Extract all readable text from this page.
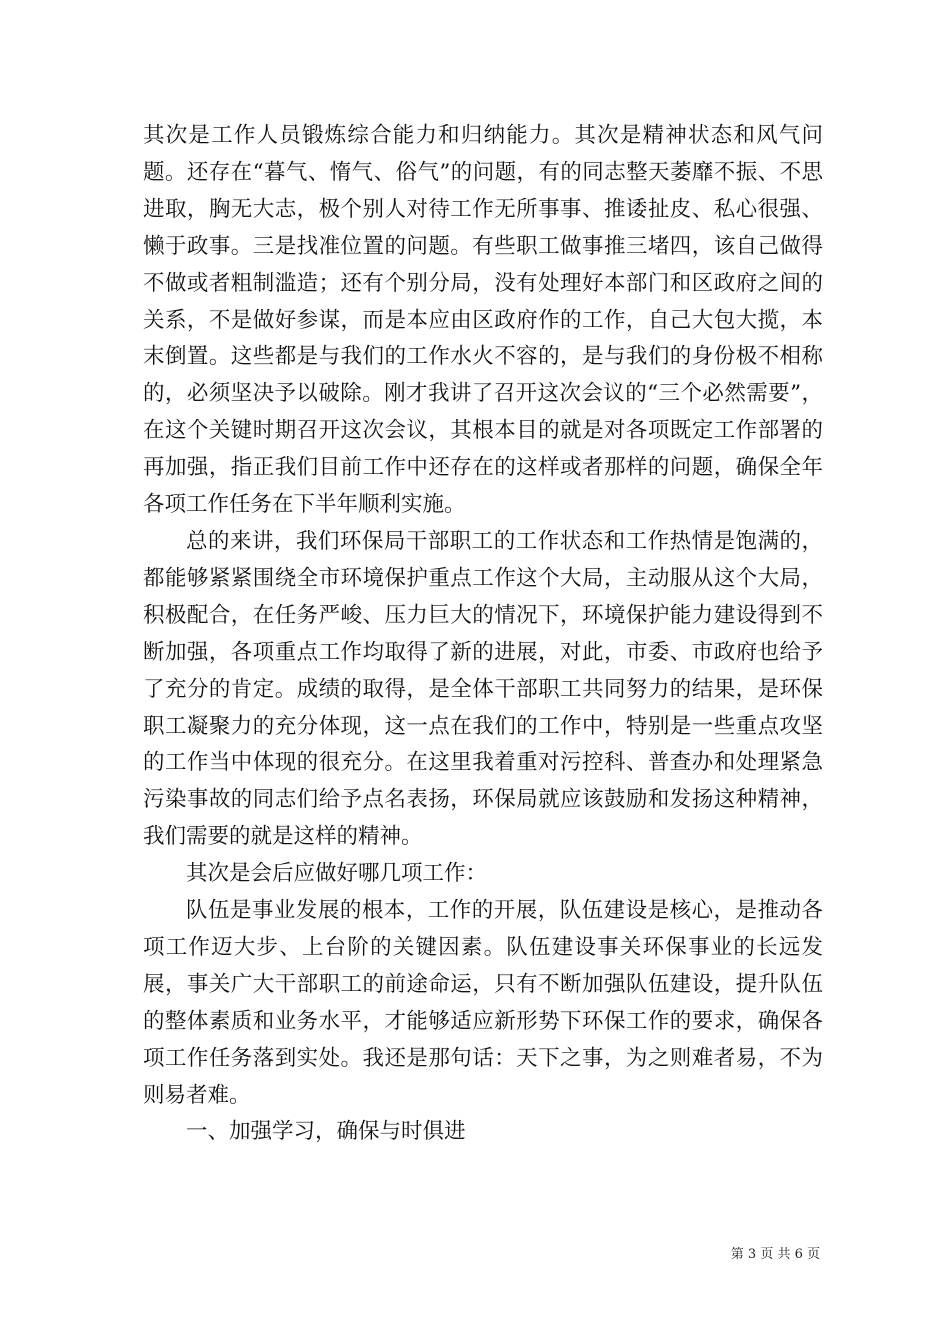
其次是工作人员锻炼综合能力和归纳能力。其次是精神状态和风气问题。还存在“暮气、惰气、俗气”的问题，有的同志整天萎靡不振、不思进取，胸无大志，极个别人对待工作无所事事、推诿扯皮、私心很强、懒于政事。三是找准位置的问题。有些职工做事推三堵四，该自己做得不做或者粗制滥造；还有个别分局，没有处理好本部门和区政府之间的关系，不是做好参谋，而是本应由区政府作的工作，自己大包大揽，本末倒置。这些都是与我们的工作水火不容的，是与我们的身份极不相称的，必须坚决予以破除。刚才我讲了召开这次会议的“三个必然需要”，在这个关键时期召开这次会议，其根本目的就是对各项既定工作部署的再加强，指正我们目前工作中还存在的这样或者那样的问题，确保全年各项工作任务在下半年顺利实施。

总的来讲，我们环保局干部职工的工作状态和工作热情是饱满的，都能够紧紧围绕全市环境保护重点工作这个大局，主动服从这个大局，积极配合，在任务严峻、压力巨大的情况下，环境保护能力建设得到不断加强，各项重点工作均取得了新的进展，对此，市委、市政府也给予了充分的肯定。成绩的取得，是全体干部职工共同努力的结果，是环保职工凝聚力的充分体现，这一点在我们的工作中，特别是一些重点攻坚的工作当中体现的很充分。在这里我着重对污控科、普查办和处理紧急污染事故的同志们给予点名表扬，环保局就应该鼓励和发扬这种精神，我们需要的就是这样的精神。

其次是会后应做好哪几项工作：

队伍是事业发展的根本，工作的开展，队伍建设是核心，是推动各项工作迈大步、上台阶的关键因素。队伍建设事关环保事业的长远发展，事关广大干部职工的前途命运，只有不断加强队伍建设，提升队伍的整体素质和业务水平，才能够适应新形势下环保工作的要求，确保各项工作任务落到实处。我还是那句话：天下之事，为之则难者易，不为则易者难。

一、加强学习，确保与时俱进

第 3 页 共 6 页
